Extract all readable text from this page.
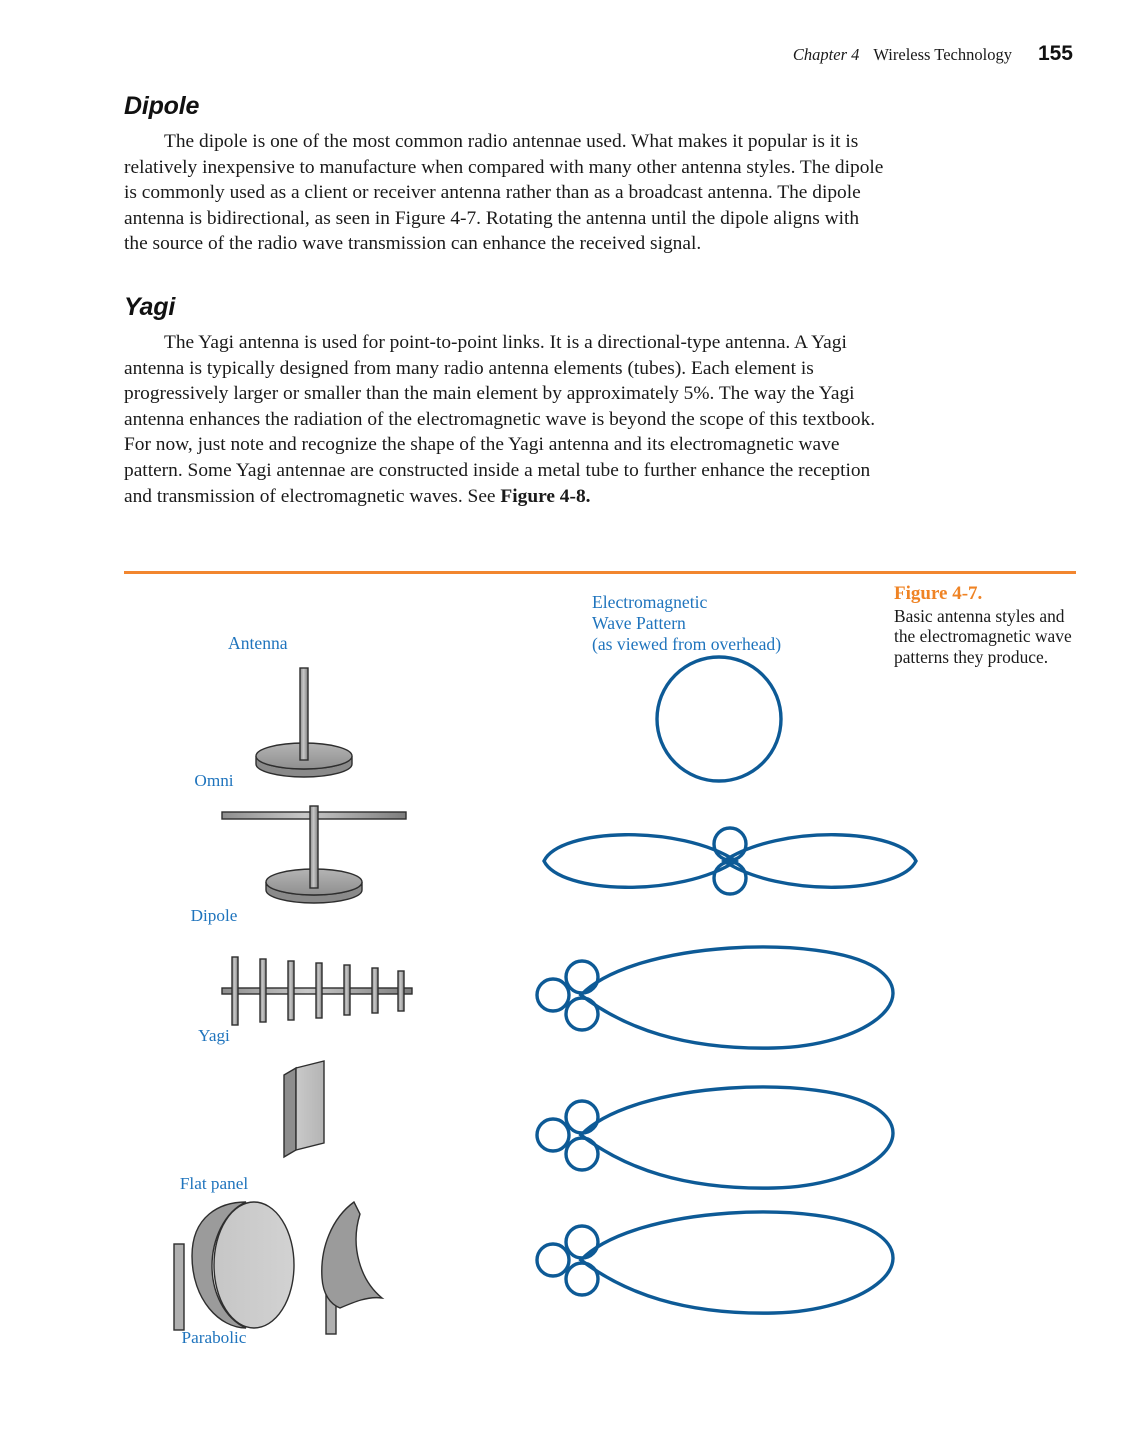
Chapter 4 Wireless Technology 155
Dipole

The dipole is one of the most common radio antennae used. What makes it popular is it is relatively inexpensive to manufacture when compared with many other antenna styles. The dipole is commonly used as a client or receiver antenna rather than as a broadcast antenna. The dipole antenna is bidirectional, as seen in Figure 4-7. Rotating the antenna until the dipole aligns with the source of the radio wave transmission can enhance the received signal.

Yagi

The Yagi antenna is used for point-to-point links. It is a directional-type antenna. A Yagi antenna is typically designed from many radio antenna elements (tubes). Each element is progressively larger or smaller than the main element by approximately 5%. The way the Yagi antenna enhances the radiation of the electromagnetic wave is beyond the scope of this textbook. For now, just note and recognize the shape of the Yagi antenna and its electromagnetic wave pattern. Some Yagi antennae are constructed inside a metal tube to further enhance the reception and transmission of electromagnetic waves. See Figure 4-8.

Figure 4-7.
Basic antenna styles and the electromagnetic wave patterns they produce.
Antenna
Electromagnetic
Wave Pattern
(as viewed from overhead)
Omni
Dipole
Yagi
Flat panel
Parabolic
